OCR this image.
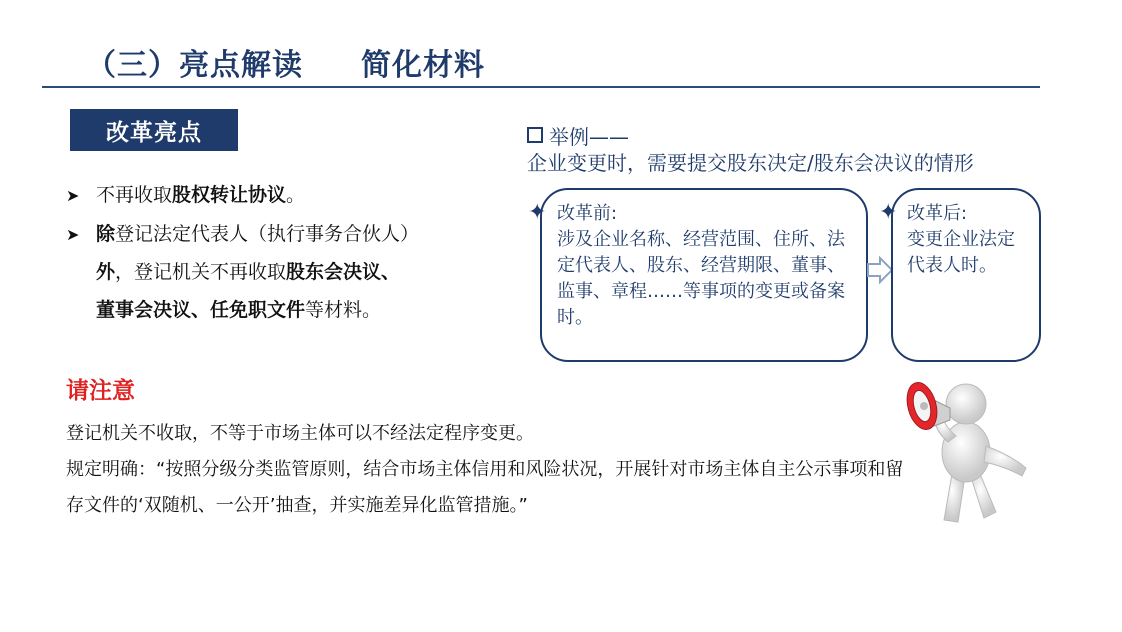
（三）亮点解读 简化材料
改革亮点
➤ 不再收取股权转让协议。
➤ 除登记法定代表人（执行事务合伙人）
外，登记机关不再收取股东会决议、
董事会决议、任免职文件等材料。
请注意
登记机关不收取，不等于市场主体可以不经法定程序变更。
规定明确：“按照分级分类监管原则，结合市场主体信用和风险状况，开展针对市场主体自主公示事项和留存文件的‘双随机、一公开’抽查，并实施差异化监管措施。”
举例——
企业变更时，需要提交股东决定/股东会决议的情形
✦ 改革前:
涉及企业名称、经营范围、住所、法定代表人、股东、经营期限、董事、监事、章程……等事项的变更或备案时。
✦ 改革后:
变更企业法定代表人时。
